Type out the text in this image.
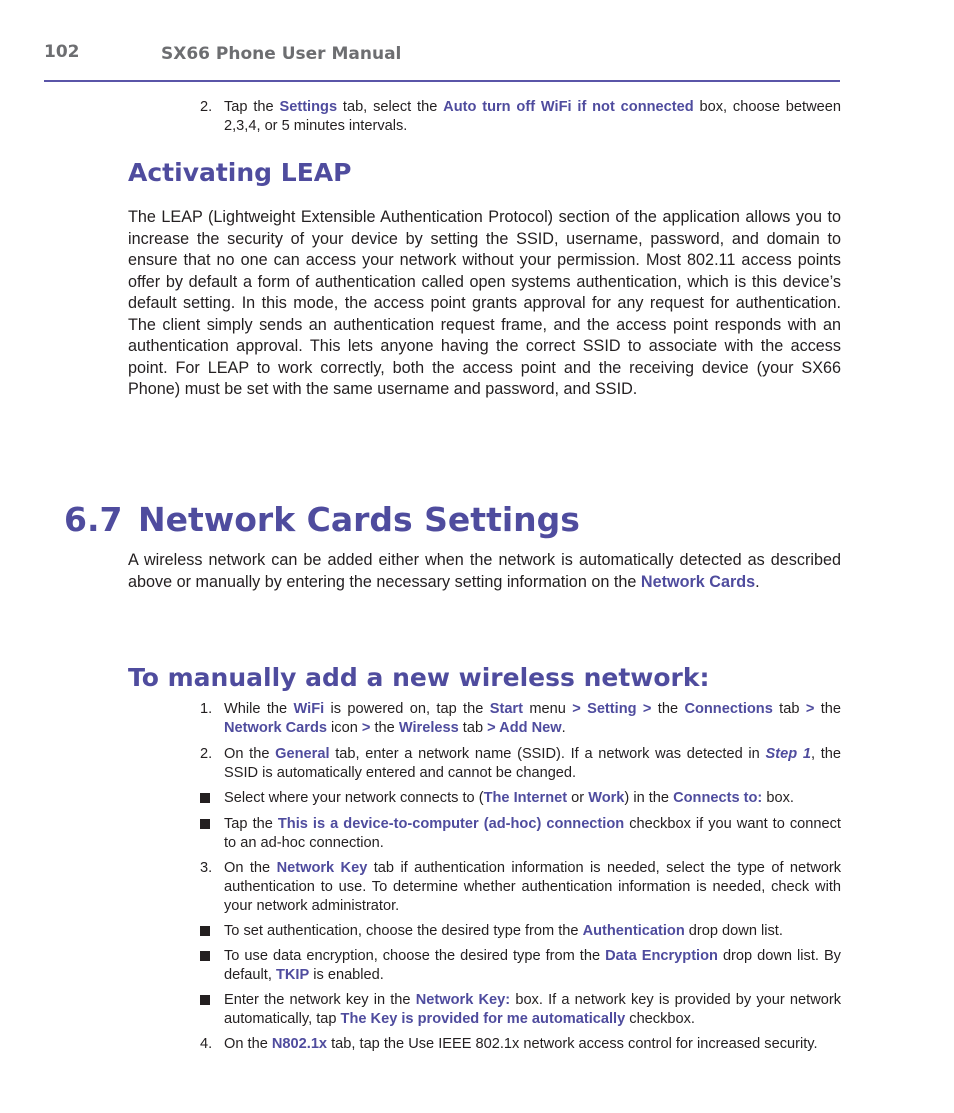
102	SX66 Phone User Manual
2. Tap the Settings tab, select the Auto turn off WiFi if not connected box, choose between 2,3,4, or 5 minutes intervals.
Activating LEAP

The LEAP (Lightweight Extensible Authentication Protocol) section of the application allows you to increase the security of your device by setting the SSID, username, password, and domain to ensure that no one can access your network without your permission. Most 802.11 access points offer by default a form of authentication called open systems authentication, which is this device’s default setting. In this mode, the access point grants approval for any request for authentication. The client simply sends an authentication request frame, and the access point responds with an authentication approval. This lets anyone having the correct SSID to associate with the access point. For LEAP to work correctly, both the access point and the receiving device (your SX66 Phone) must be set with the same username and password, and SSID.

6.7 Network Cards Settings

A wireless network can be added either when the network is automatically detected as described above or manually by entering the necessary setting information on the Network Cards.

To manually add a new wireless network:
1. While the WiFi is powered on, tap the Start menu > Setting > the Connections tab > the Network Cards icon > the Wireless tab > Add New.
2. On the General tab, enter a network name (SSID). If a network was detected in Step 1, the SSID is automatically entered and cannot be changed.
Select where your network connects to (The Internet or Work) in the Connects to: box.
Tap the This is a device-to-computer (ad-hoc) connection checkbox if you want to connect to an ad-hoc connection.
3. On the Network Key tab if authentication information is needed, select the type of network authentication to use. To determine whether authentication information is needed, check with your network administrator.
To set authentication, choose the desired type from the Authentication drop down list.
To use data encryption, choose the desired type from the Data Encryption drop down list. By default, TKIP is enabled.
Enter the network key in the Network Key: box. If a network key is provided by your network automatically, tap The Key is provided for me automatically checkbox.
4. On the N802.1x tab, tap the Use IEEE 802.1x network access control for increased security.
